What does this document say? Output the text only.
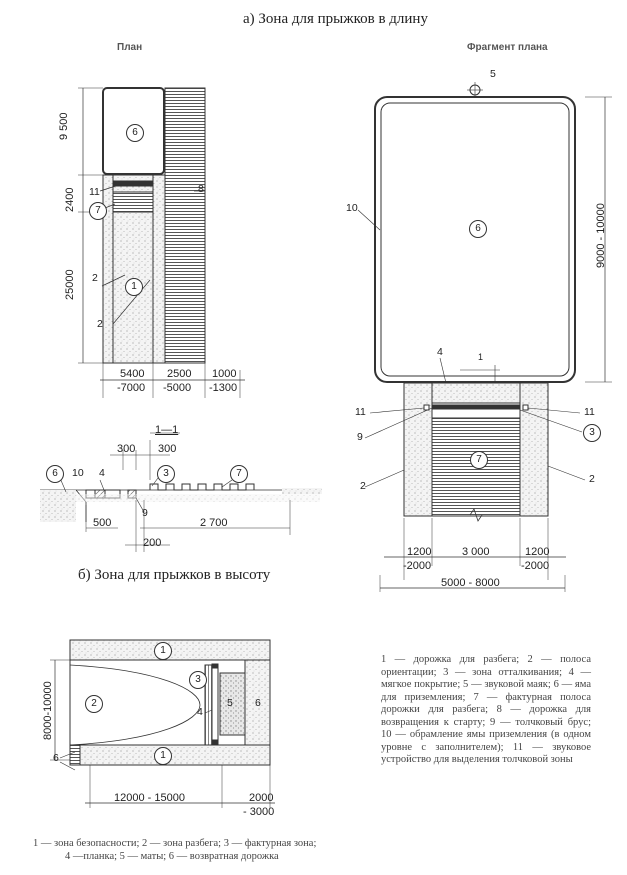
а) Зона для прыжков в длину
План	Фрагмент плана
б) Зона для прыжков в высоту
9 500
2400
25000
5400
-7000
2500
-5000
1000
-1300
6
8
11
7
2
1
2
1—1
300 300
6	10 4	3	7
9
500	2 700
200
5
10
6	9000 - 10000
4	1
11	11
9	3
7
2
2
1200
-2000
3 000	1200
-2000
5000 - 8000
1
1
2
3
4
5 6
6
8000-10000
12000 - 15000	2000
- 3000
1 — дорожка для разбега; 2 — полоса ориентации; 3 — зона отталкивания; 4 — мягкое покрытие; 5 — звуковой маяк; 6 — яма для приземления; 7 — фактурная полоса дорожки для разбега; 8 — дорожка для возвращения к старту; 9 — толчковый брус; 10 — обрамление ямы приземления (в одном уровне с заполнителем); 11 — звуковое устройство для выделения толчковой зоны
1 — зона безопасности; 2 — зона разбега; 3 — фактурная зона;
4 —планка; 5 — маты; 6 — возвратная дорожка
